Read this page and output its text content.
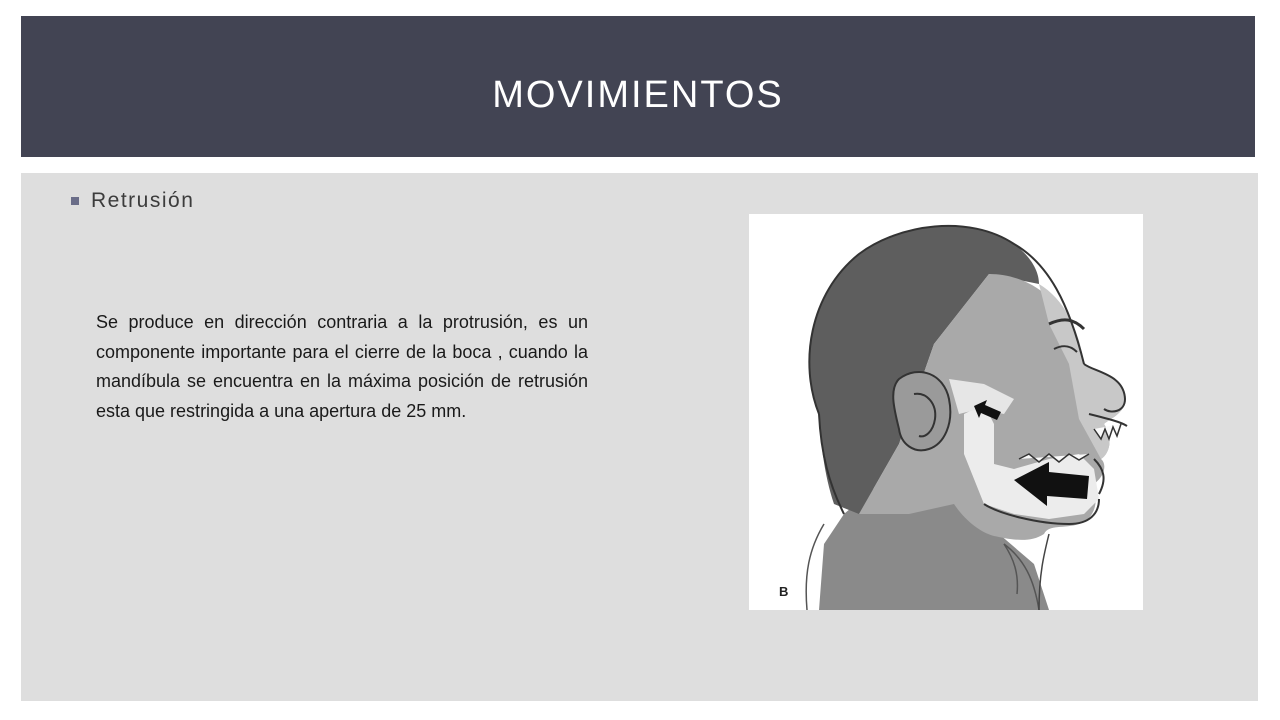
MOVIMIENTOS
Retrusión

Se produce en dirección contraria a la protrusión, es un componente importante para el cierre de la boca , cuando la mandíbula se encuentra en la máxima posición de retrusión esta que restringida a una apertura de 25 mm.

B
